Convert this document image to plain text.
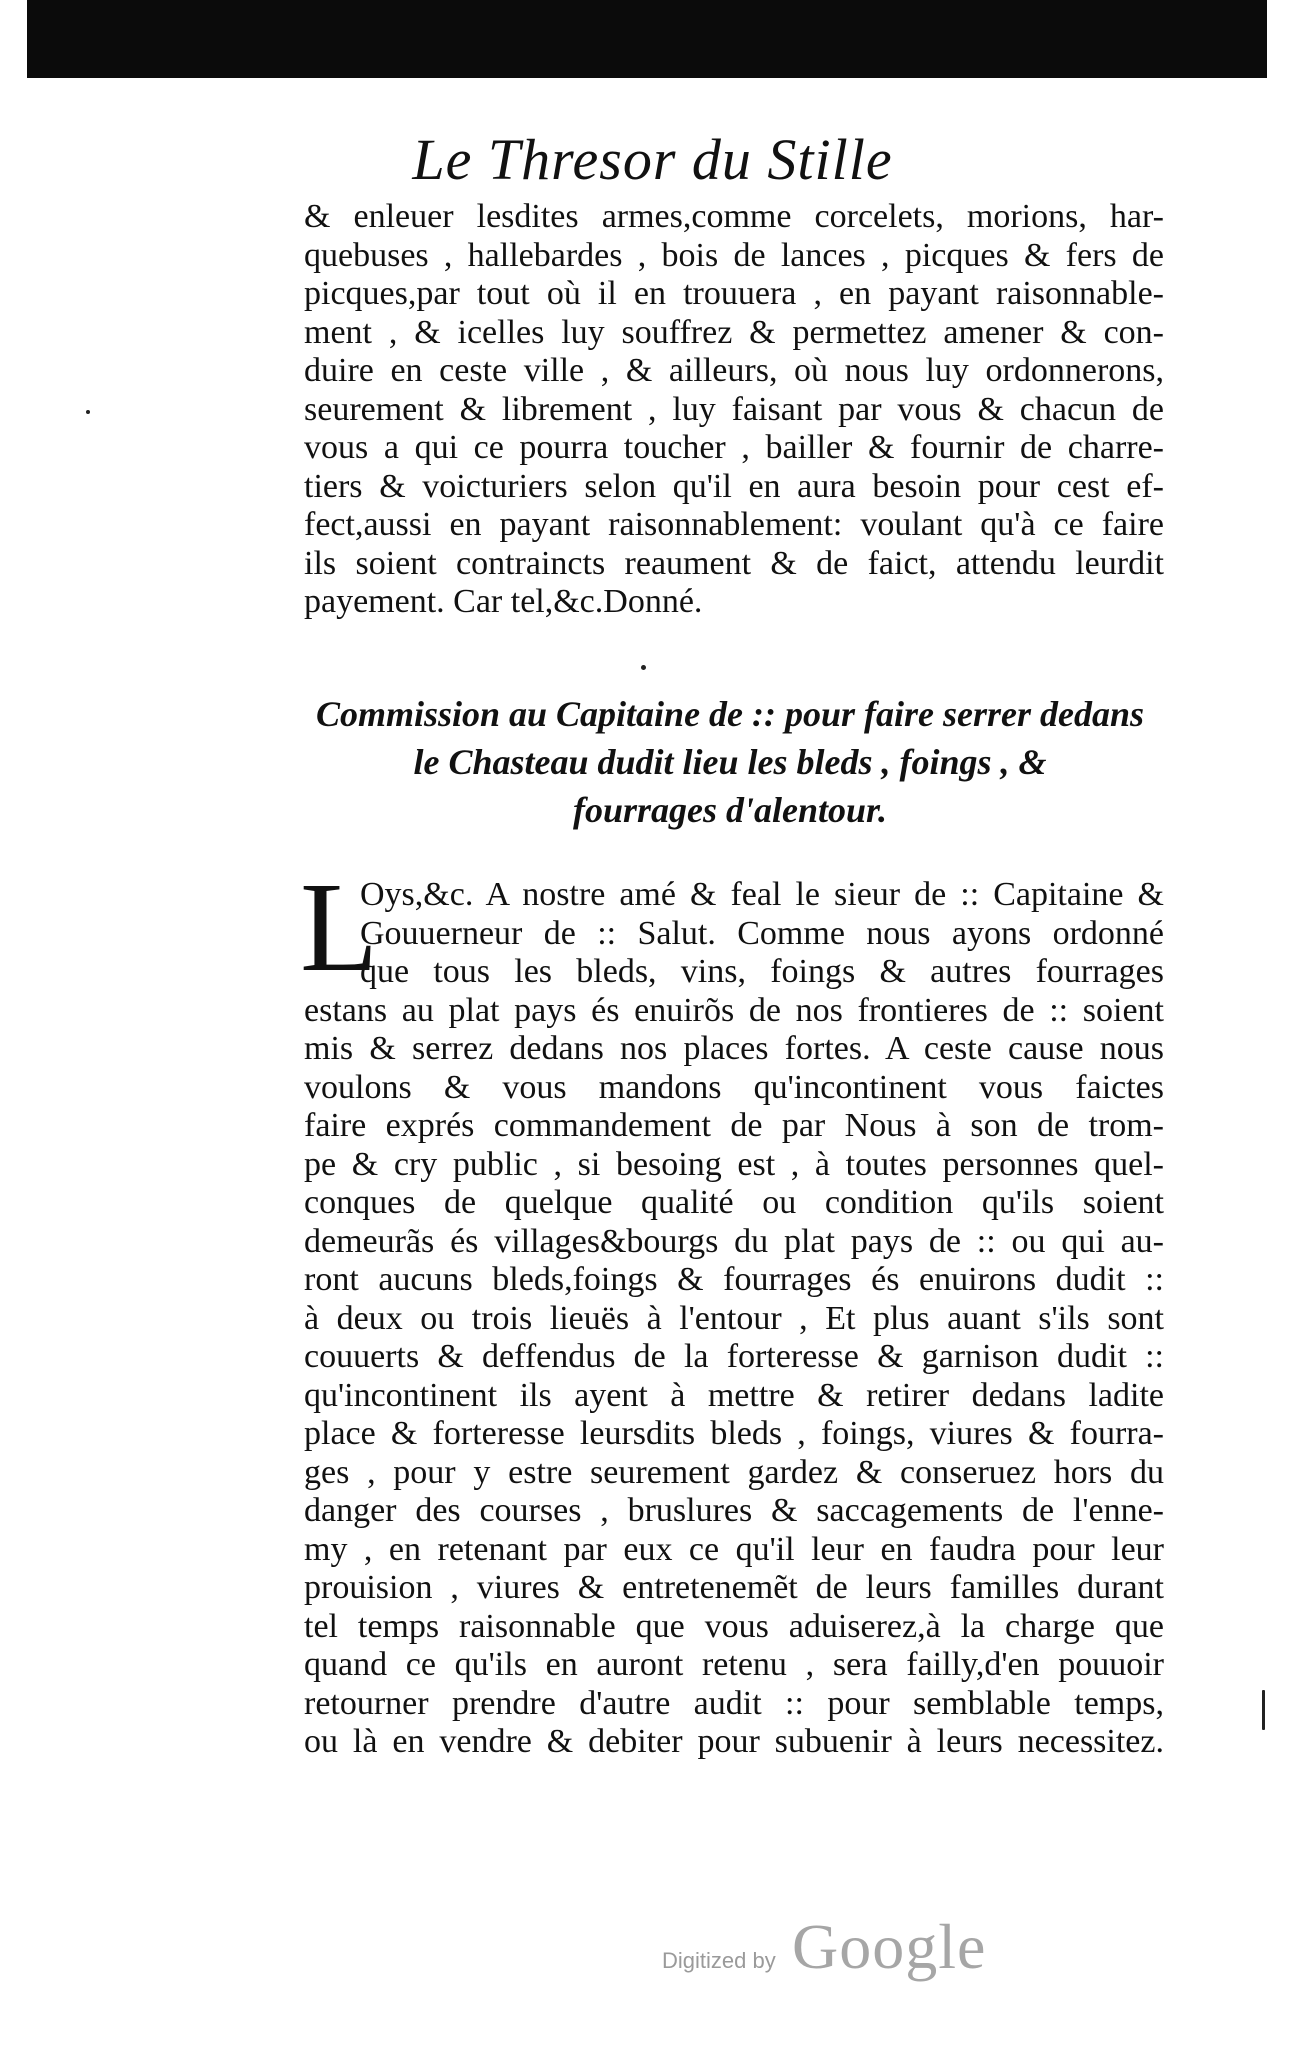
Le Thresor du Stille
& enleuer lesdites armes,comme corcelets, morions, har-
quebuses , hallebardes , bois de lances , picques & fers de
picques,par tout où il en trouuera , en payant raisonnable-
ment , & icelles luy souffrez & permettez amener & con-
duire en ceste ville , & ailleurs, où nous luy ordonnerons,
seurement & librement , luy faisant par vous & chacun de
vous a qui ce pourra toucher , bailler & fournir de charre-
tiers & voicturiers selon qu'il en aura besoin pour cest ef-
fect,aussi en payant raisonnablement: voulant qu'à ce faire
ils soient contraincts reaument & de faict, attendu leurdit
payement. Car tel,&c.Donné.
Commission au Capitaine de :: pour faire serrer dedans
le Chasteau dudit lieu les bleds , foings , &
fourrages d'alentour.
L
Oys,&c. A nostre amé & feal le sieur de :: Capitaine &
Gouuerneur de :: Salut. Comme nous ayons ordonné
que tous les bleds, vins, foings & autres fourrages
estans au plat pays és enuirõs de nos frontieres de :: soient
mis & serrez dedans nos places fortes. A ceste cause nous
voulons & vous mandons qu'incontinent vous faictes
faire exprés commandement de par Nous à son de trom-
pe & cry public , si besoing est , à toutes personnes quel-
conques de quelque qualité ou condition qu'ils soient
demeurãs és villages&bourgs du plat pays de :: ou qui au-
ront aucuns bleds,foings & fourrages és enuirons dudit ::
à deux ou trois lieuës à l'entour , Et plus auant s'ils sont
couuerts & deffendus de la forteresse & garnison dudit ::
qu'incontinent ils ayent à mettre & retirer dedans ladite
place & forteresse leursdits bleds , foings, viures & fourra-
ges , pour y estre seurement gardez & conseruez hors du
danger des courses , bruslures & saccagements de l'enne-
my , en retenant par eux ce qu'il leur en faudra pour leur
prouision , viures & entretenemẽt de leurs familles durant
tel temps raisonnable que vous aduiserez,à la charge que
quand ce qu'ils en auront retenu , sera failly,d'en pouuoir
retourner prendre d'autre audit :: pour semblable temps,
ou là en vendre & debiter pour subuenir à leurs necessitez.
Digitized by Google
